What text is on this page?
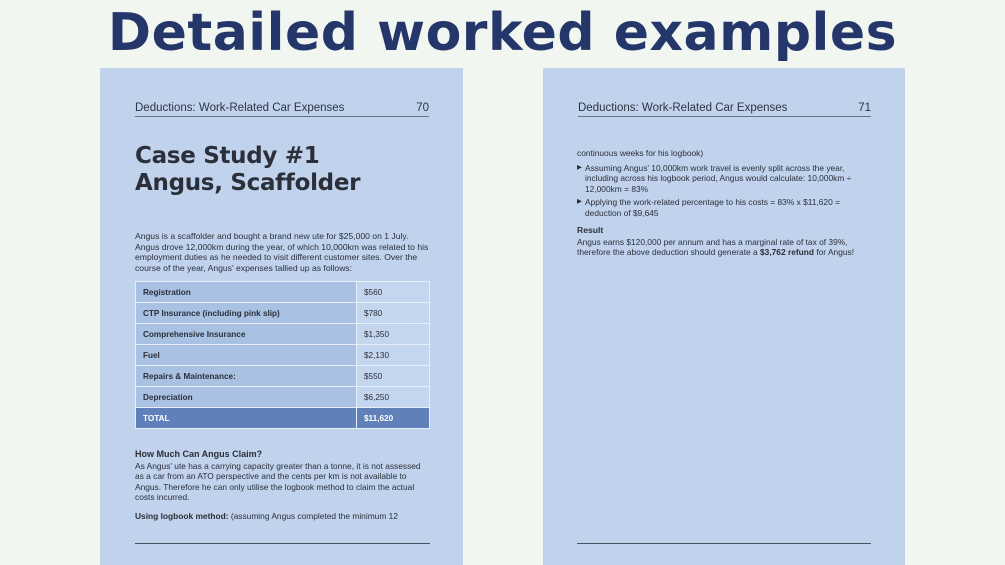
Detailed worked examples
Deductions: Work-Related Car Expenses	70
Case Study #1
Angus, Scaffolder
Angus is a scaffolder and bought a brand new ute for $25,000 on 1 July. Angus drove 12,000km during the year, of which 10,000km was related to his employment duties as he needed to visit different customer sites. Over the course of the year, Angus' expenses tallied up as follows:
Registration	$560
CTP Insurance (including pink slip)	$780
Comprehensive Insurance	$1,350
Fuel	$2,130
Repairs & Maintenance:	$550
Depreciation	$6,250
TOTAL	$11,620
How Much Can Angus Claim?
As Angus' ute has a carrying capacity greater than a tonne, it is not assessed as a car from an ATO perspective and the cents per km is not available to Angus. Therefore he can only utilise the logbook method to claim the actual costs incurred.
Using logbook method: (assuming Angus completed the minimum 12
Deductions: Work-Related Car Expenses	71
continuous weeks for his logbook)
▶ Assuming Angus' 10,000km work travel is evenly split across the year, including across his logbook period, Angus would calculate: 10,000km ÷ 12,000km = 83%
▶ Applying the work-related percentage to his costs = 83% x $11,620 = deduction of $9,645
Result
Angus earns $120,000 per annum and has a marginal rate of tax of 39%, therefore the above deduction should generate a $3,762 refund for Angus!
